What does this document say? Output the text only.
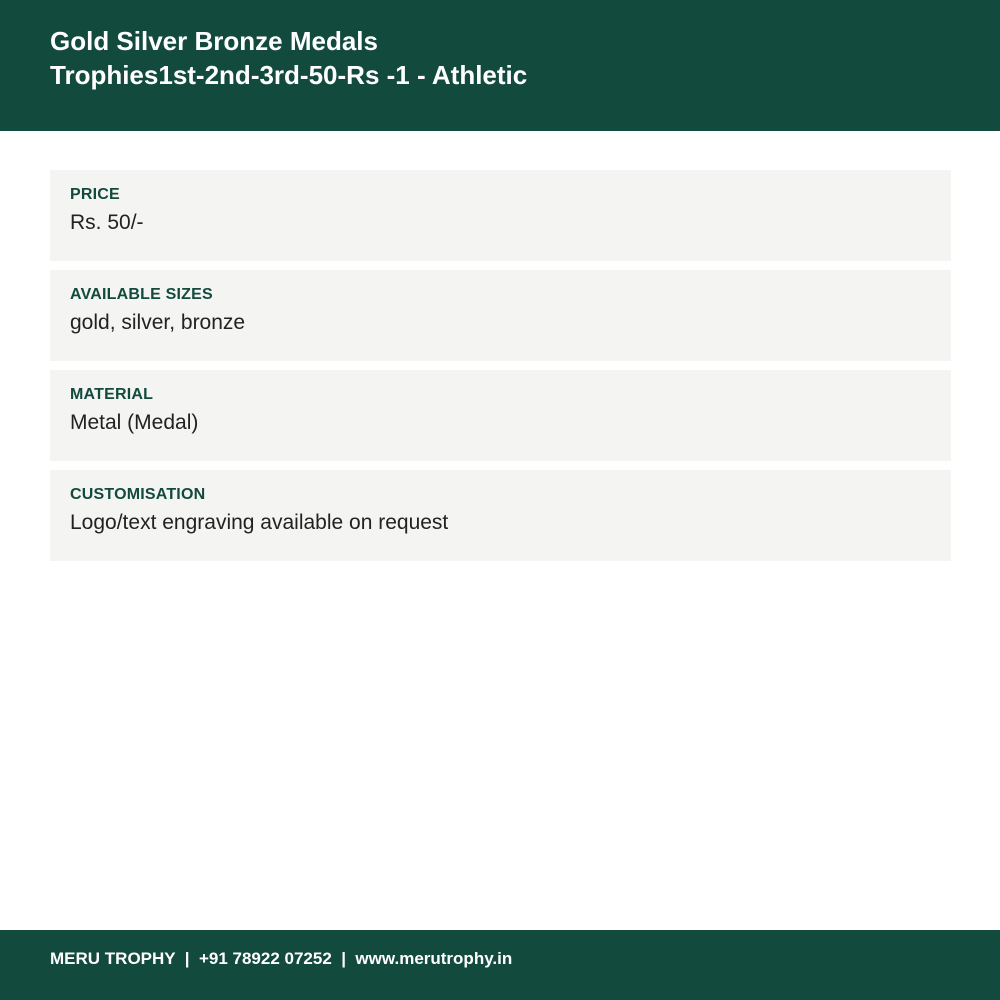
Gold Silver Bronze Medals
Trophies1st-2nd-3rd-50-Rs -1 - Athletic
PRICE
Rs. 50/-
AVAILABLE SIZES
gold, silver, bronze
MATERIAL
Metal (Medal)
CUSTOMISATION
Logo/text engraving available on request
MERU TROPHY  |  +91 78922 07252  |  www.merutrophy.in
